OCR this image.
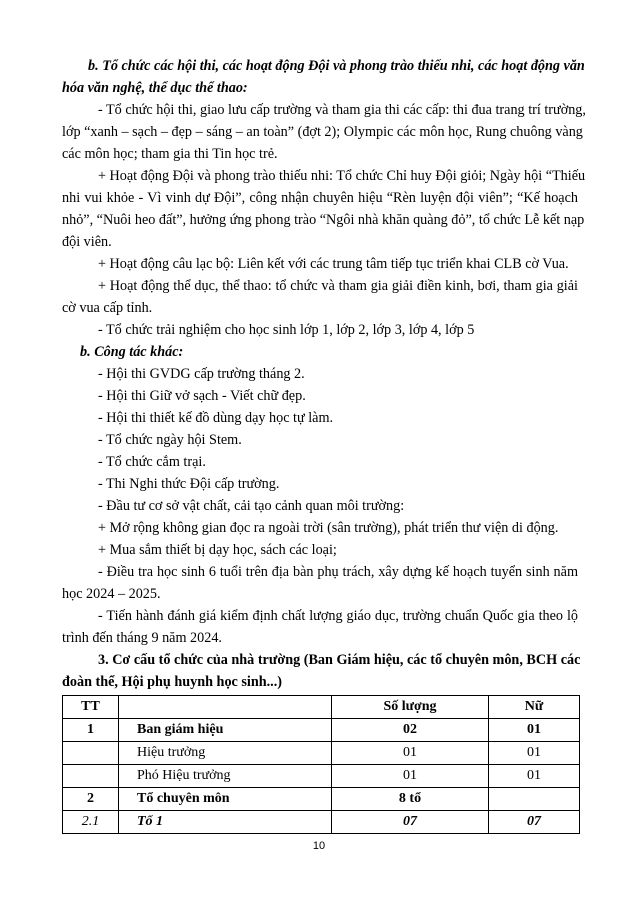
b. Tổ chức các hội thi, các hoạt động Đội và phong trào thiếu nhi, các hoạt động văn
hóa văn nghệ, thể dục thể thao:
- Tổ chức hội thi, giao lưu cấp trường và tham gia thi các cấp: thi đua trang trí trường,
lớp “xanh – sạch – đẹp – sáng – an toàn” (đợt 2); Olympic các môn học, Rung chuông vàng
các môn học; tham gia thi Tin học trẻ.
+ Hoạt động Đội và phong trào thiếu nhi: Tổ chức Chỉ huy Đội giỏi; Ngày hội “Thiếu
nhi vui khỏe - Vì vinh dự Đội”, công nhận chuyên hiệu “Rèn luyện đội viên”; “Kế hoạch
nhỏ”, “Nuôi heo đất”, hưởng ứng phong trào “Ngôi nhà khăn quàng đỏ”, tổ chức Lễ kết nạp
đội viên.
+ Hoạt động câu lạc bộ: Liên kết với các trung tâm tiếp tục triển khai CLB cờ Vua.
+ Hoạt động thể dục, thể thao: tổ chức và tham gia giải điền kinh, bơi, tham gia giải
cờ vua cấp tỉnh.
- Tổ chức trải nghiệm cho học sinh lớp 1, lớp 2, lớp 3, lớp 4, lớp 5
b. Công tác khác:
- Hội thi GVDG cấp trường tháng 2.
- Hội thi Giữ vở sạch - Viết chữ đẹp.
- Hội thi thiết kế đồ dùng dạy học tự làm.
- Tổ chức ngày hội Stem.
- Tổ chức cắm trại.
- Thi Nghi thức Đội cấp trường.
- Đầu tư cơ sở vật chất, cải tạo cảnh quan môi trường:
+ Mở rộng không gian đọc ra ngoài trời (sân trường), phát triển thư viện di động.
+ Mua sắm thiết bị dạy học, sách các loại;
- Điều tra học sinh 6 tuổi trên địa bàn phụ trách, xây dựng kế hoạch tuyển sinh năm
học 2024 – 2025.
- Tiến hành đánh giá kiểm định chất lượng giáo dục, trường chuẩn Quốc gia theo lộ
trình đến tháng 9 năm 2024.
3. Cơ cấu tổ chức của nhà trường (Ban Giám hiệu, các tổ chuyên môn, BCH các
đoàn thể, Hội phụ huynh học sinh...)
TT		Số lượng	Nữ
1	Ban giám hiệu	02	01
	Hiệu trưởng	01	01
	Phó Hiệu trưởng	01	01
2	Tổ chuyên môn	8 tổ	
2.1	Tổ 1	07	07
10
